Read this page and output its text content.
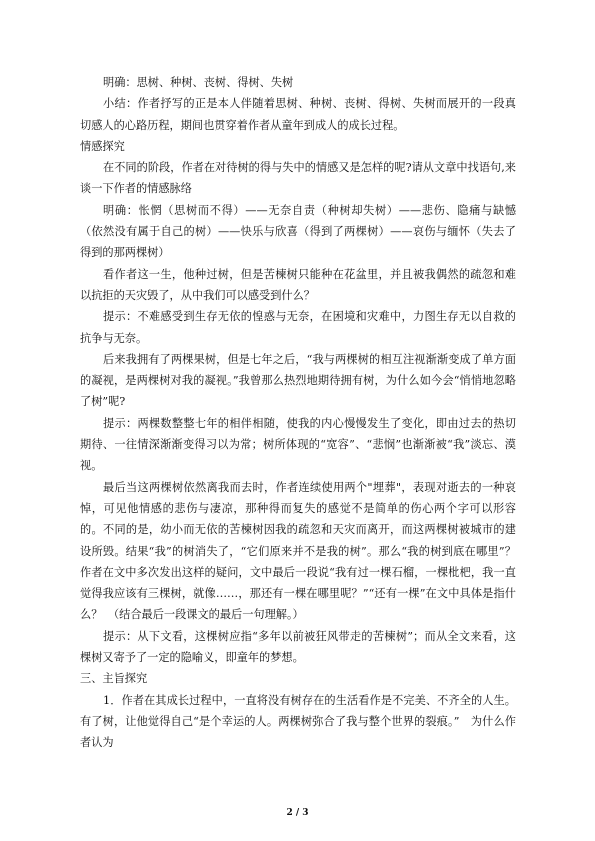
明确：思树、种树、丧树、得树、失树

小结：作者抒写的正是本人伴随着思树、种树、丧树、得树、失树而展开的一段真切感人的心路历程，期间也贯穿着作者从童年到成人的成长过程。

情感探究

在不同的阶段，作者在对待树的得与失中的情感又是怎样的呢?请从文章中找语句,来谈一下作者的情感脉络

明确：怅惘（思树而不得）——无奈自责（种树却失树）——悲伤、隐痛与缺憾（依然没有属于自己的树）——快乐与欣喜（得到了两棵树）——哀伤与缅怀（失去了得到的那两棵树）

看作者这一生，他种过树，但是苦楝树只能种在花盆里，并且被我偶然的疏忽和难以抗拒的天灾毁了，从中我们可以感受到什么？

提示：不难感受到生存无依的惶惑与无奈，在困境和灾难中，力图生存无以自救的抗争与无奈。

后来我拥有了两棵果树，但是七年之后，“我与两棵树的相互注视渐渐变成了单方面的凝视，是两棵树对我的凝视。”我曾那么热烈地期待拥有树，为什么如今会“悄悄地忽略了树”呢?

提示：两棵数整整七年的相伴相随，使我的内心慢慢发生了变化，即由过去的热切期待、一往情深渐渐变得习以为常；树所体现的“宽容”、“悲悯”也渐渐被“我”淡忘、漠视。

最后当这两棵树依然离我而去时，作者连续使用两个"埋葬"，表现对逝去的一种哀悼，可见他情感的悲伤与凄凉，那种得而复失的感觉不是简单的伤心两个字可以形容的。不同的是，幼小而无依的苦楝树因我的疏忽和天灾而离开，而这两棵树被城市的建设所毁。结果“我”的树消失了，“它们原来并不是我的树”。那么“我的树到底在哪里”？　作者在文中多次发出这样的疑问，文中最后一段说“我有过一棵石榴，一棵枇杷，我一直觉得我应该有三棵树，就像……，那还有一棵在哪里呢？”“还有一棵”在文中具体是指什么？　（结合最后一段课文的最后一句理解。）

提示：从下文看，这棵树应指“多年以前被狂风带走的苦楝树”；而从全文来看，这棵树又寄予了一定的隐喻义，即童年的梦想。

三、主旨探究

1．作者在其成长过程中，一直将没有树存在的生活看作是不完美、不齐全的人生。有了树，让他觉得自己“是个幸运的人。两棵树弥合了我与整个世界的裂痕。”　为什么作者认为

2 / 3
